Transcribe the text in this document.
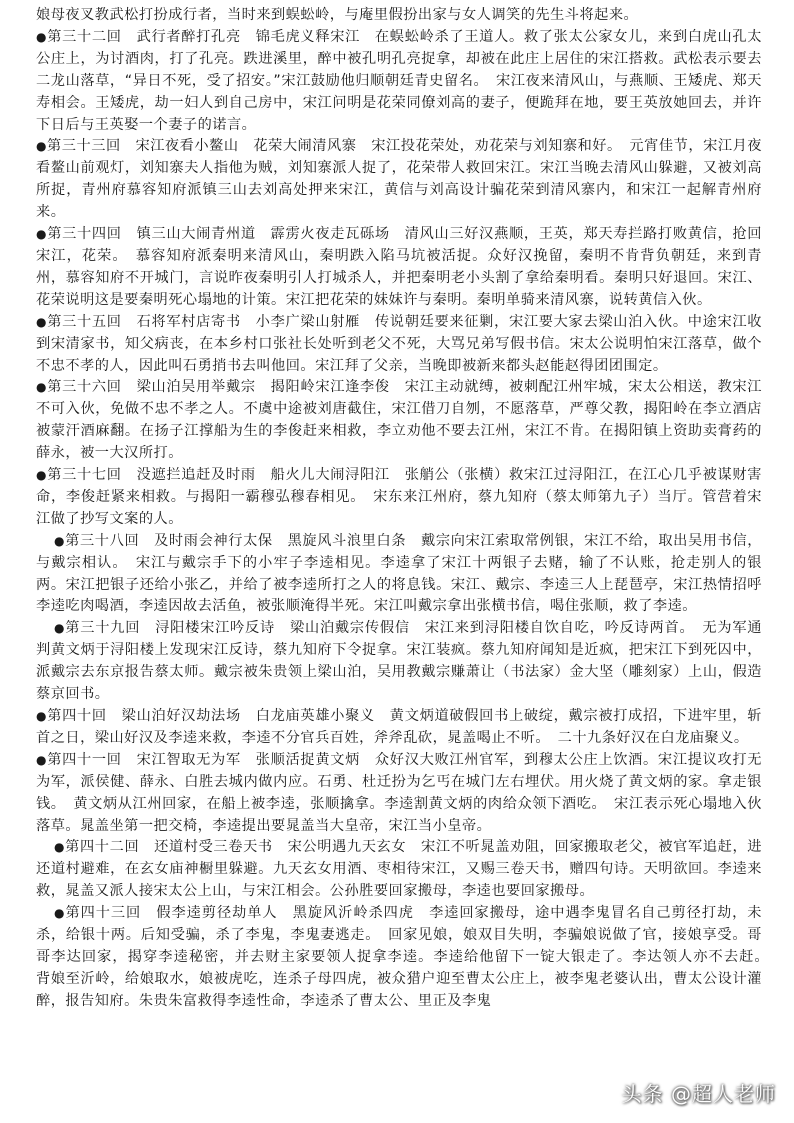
娘母夜叉教武松打扮成行者，当时来到蜈蚣岭，与庵里假扮出家与女人调笑的先生斗将起来。

●第三十二回　武行者醉打孔亮　锦毛虎义释宋江　在蜈蚣岭杀了王道人。救了张太公家女儿，来到白虎山孔太公庄上，为讨酒肉，打了孔亮。跌进溪里，醉中被孔明孔亮捉拿，却被在此庄上居住的宋江搭救。武松表示要去二龙山落草，“异日不死，受了招安。”宋江鼓励他归顺朝廷青史留名。　宋江夜来清风山，与燕顺、王矮虎、郑天寿相会。王矮虎，劫一妇人到自己房中，宋江问明是花荣同僚刘高的妻子，便跪拜在地，要王英放她回去，并许下日后与王英娶一个妻子的诺言。

●第三十三回　宋江夜看小鳌山　花荣大闹清风寨　宋江投花荣处，劝花荣与刘知寨和好。　元宵佳节，宋江月夜看鳌山前观灯，刘知寨夫人指他为贼，刘知寨派人捉了，花荣带人救回宋江。宋江当晚去清风山躲避，又被刘高所捉，青州府慕容知府派镇三山去刘高处押来宋江，黄信与刘高设计骗花荣到清风寨内，和宋江一起解青州府来。

●第三十四回　镇三山大闹青州道　霹雳火夜走瓦砾场　清风山三好汉燕顺，王英，郑天寿拦路打败黄信，抢回宋江，花荣。　慕容知府派秦明来清风山，秦明跌入陷马坑被活捉。众好汉挽留，秦明不肯背负朝廷，来到青州，慕容知府不开城门，言说昨夜秦明引人打城杀人，并把秦明老小头割了拿给秦明看。秦明只好退回。宋江、花荣说明这是要秦明死心塌地的计策。宋江把花荣的妹妹许与秦明。秦明单骑来清风寨，说转黄信入伙。

●第三十五回　石将军村店寄书　小李广梁山射雁　传说朝廷要来征剿，宋江要大家去梁山泊入伙。中途宋江收到宋清家书，知父病丧，在本乡村口张社长处听到老父不死，大骂兄弟写假书信。宋太公说明怕宋江落草，做个不忠不孝的人，因此叫石勇捎书去叫他回。宋江拜了父亲，当晚即被新来都头赵能赵得团团围定。

●第三十六回　梁山泊吴用举戴宗　揭阳岭宋江逢李俊　宋江主动就缚，被刺配江州牢城，宋太公相送，教宋江不可入伙，免做不忠不孝之人。不虞中途被刘唐截住，宋江借刀自刎，不愿落草，严尊父教，揭阳岭在李立酒店被蒙汗酒麻翻。在扬子江撑船为生的李俊赶来相救，李立劝他不要去江州，宋江不肯。在揭阳镇上资助卖膏药的薛永，被一大汉所打。

●第三十七回　没遮拦追赶及时雨　船火儿大闹浔阳江　张艄公（张横）救宋江过浔阳江，在江心几乎被谋财害命，李俊赶紧来相救。与揭阳一霸穆弘穆春相见。　宋东来江州府，蔡九知府（蔡太师第九子）当厅。管营着宋江做了抄写文案的人。

●第三十八回　及时雨会神行太保　黑旋风斗浪里白条　戴宗向宋江索取常例银，宋江不给，取出吴用书信，与戴宗相认。　宋江与戴宗手下的小牢子李逵相见。李逵拿了宋江十两银子去赌，输了不认账，抢走别人的银两。宋江把银子还给小张乙，并给了被李逵所打之人的将息钱。宋江、戴宗、李逵三人上琵琶亭，宋江热情招呼李逵吃肉喝酒，李逵因故去活鱼，被张顺淹得半死。宋江叫戴宗拿出张横书信，喝住张顺，救了李逵。

●第三十九回　浔阳楼宋江吟反诗　梁山泊戴宗传假信　宋江来到浔阳楼自饮自吃，吟反诗两首。　无为军通判黄文炳于浔阳楼上发现宋江反诗，蔡九知府下令捉拿。宋江装疯。蔡九知府闻知是近疯，把宋江下到死囚中，派戴宗去东京报告蔡太师。戴宗被朱贵领上梁山泊，吴用教戴宗赚萧让（书法家）金大坚（雕刻家）上山，假造蔡京回书。

●第四十回　梁山泊好汉劫法场　白龙庙英雄小聚义　黄文炳道破假回书上破绽，戴宗被打成招，下进牢里，斩首之日，梁山好汉及李逵来救，李逵不分官兵百姓，斧斧乱砍，晁盖喝止不听。　二十九条好汉在白龙庙聚义。

●第四十一回　宋江智取无为军　张顺活捉黄文炳　众好汉大败江州官军，到穆太公庄上饮酒。宋江提议攻打无为军，派侯健、薛永、白胜去城内做内应。石勇、杜迁扮为乞丐在城门左右埋伏。用火烧了黄文炳的家。拿走银钱。　黄文炳从江州回家，在船上被李逵，张顺擒拿。李逵割黄文炳的肉给众领下酒吃。　宋江表示死心塌地入伙落草。晁盖坐第一把交椅，李逵提出要晁盖当大皇帝，宋江当小皇帝。

●第四十二回　还道村受三卷天书　宋公明遇九天玄女　宋江不听晁盖劝阻，回家搬取老父，被官军追赶，进还道村避难，在玄女庙神橱里躲避。九天玄女用酒、枣相待宋江，又赐三卷天书，赠四句诗。天明欲回。李逵来救，晁盖又派人接宋太公上山，与宋江相会。公孙胜要回家搬母，李逵也要回家搬母。

●第四十三回　假李逵剪径劫单人　黑旋风沂岭杀四虎　李逵回家搬母，途中遇李鬼冒名自己剪径打劫，未杀，给银十两。后知受骗，杀了李鬼，李鬼妻逃走。　回家见娘，娘双目失明，李骗娘说做了官，接娘享受。哥哥李达回家，揭穿李逵秘密，并去财主家要领人捉拿李逵。李逵给他留下一锭大银走了。李达领人亦不去赶。　背娘至沂岭，给娘取水，娘被虎吃，连杀子母四虎，被众猎户迎至曹太公庄上，被李鬼老婆认出，曹太公设计灌醉，报告知府。朱贵朱富救得李逵性命，李逵杀了曹太公、里正及李鬼

头条 @超人老师
